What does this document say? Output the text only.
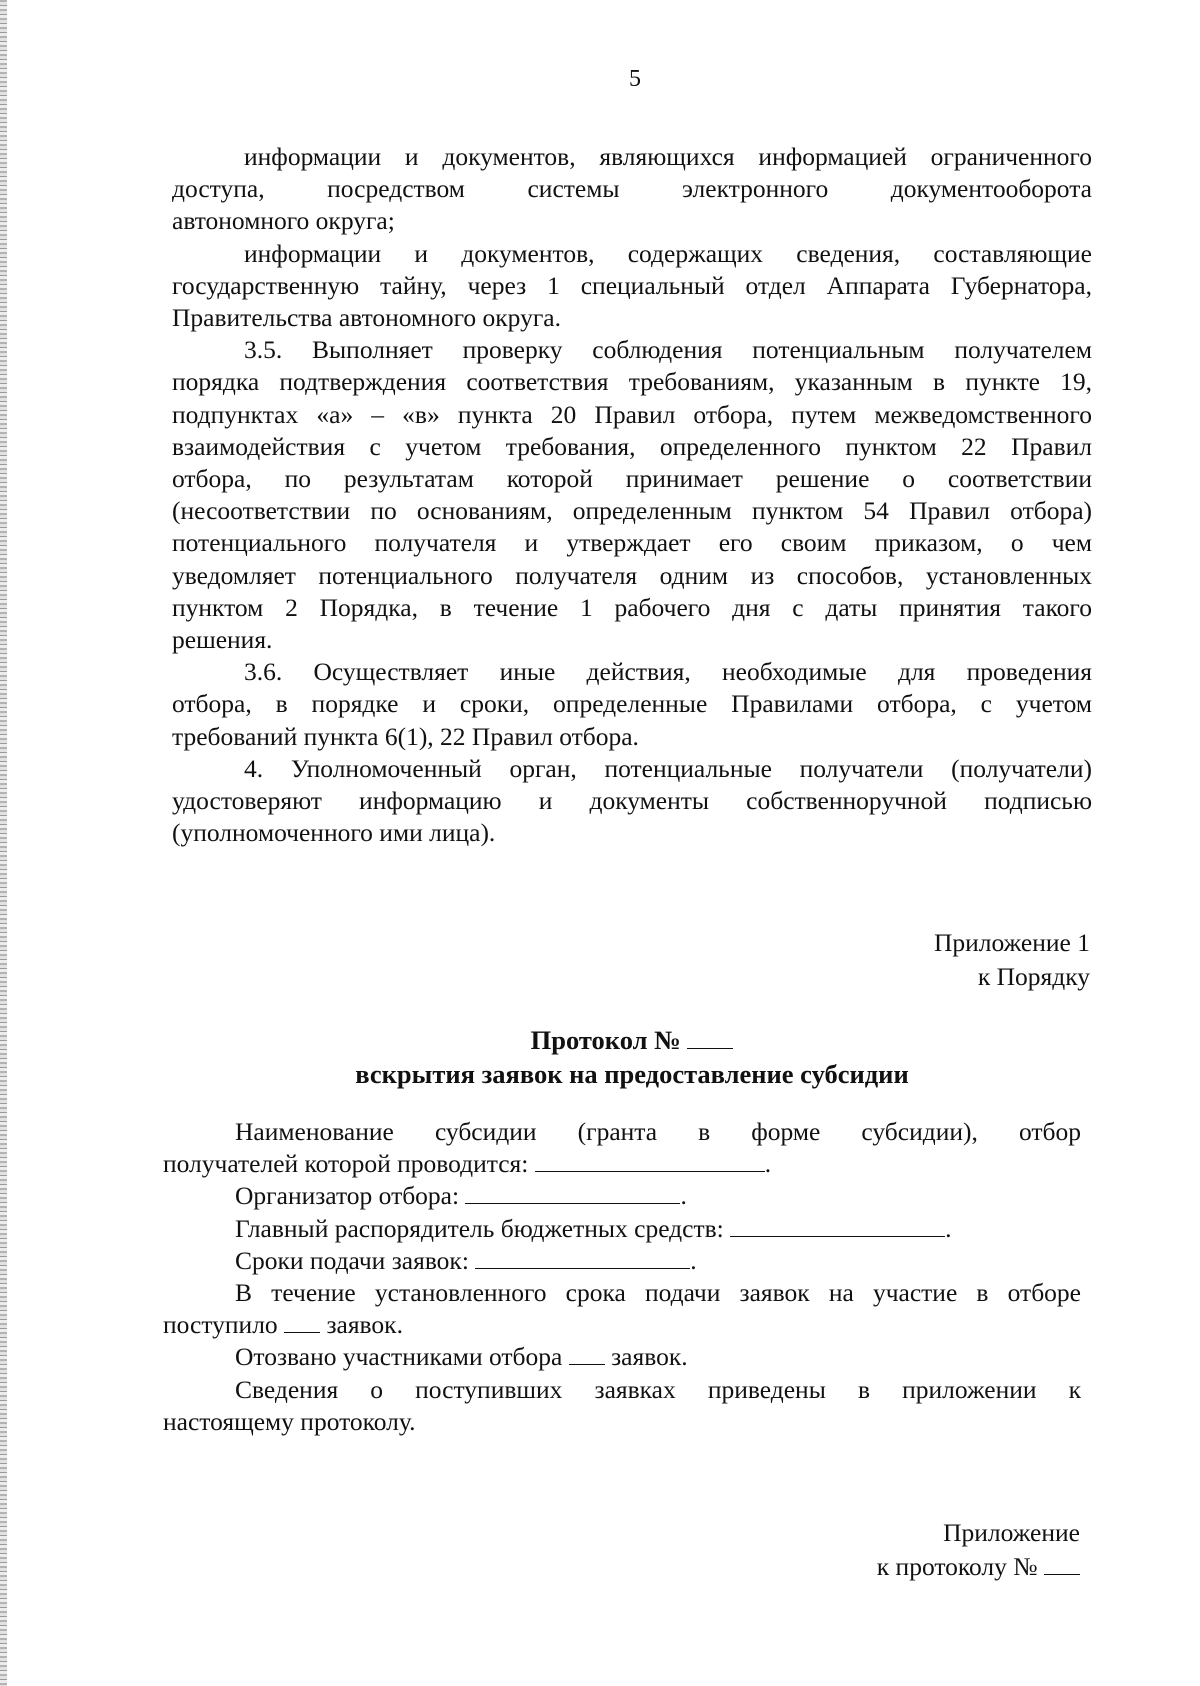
5
информации и документов, являющихся информацией ограниченного
доступа, посредством системы электронного документооборота
автономного округа;
информации и документов, содержащих сведения, составляющие
государственную тайну, через 1 специальный отдел Аппарата Губернатора,
Правительства автономного округа.
3.5. Выполняет проверку соблюдения потенциальным получателем
порядка подтверждения соответствия требованиям, указанным в пункте 19,
подпунктах «а» – «в» пункта 20 Правил отбора, путем межведомственного
взаимодействия с учетом требования, определенного пунктом 22 Правил
отбора, по результатам которой принимает решение о соответствии
(несоответствии по основаниям, определенным пунктом 54 Правил отбора)
потенциального получателя и утверждает его своим приказом, о чем
уведомляет потенциального получателя одним из способов, установленных
пунктом 2 Порядка, в течение 1 рабочего дня с даты принятия такого
решения.
3.6. Осуществляет иные действия, необходимые для проведения
отбора, в порядке и сроки, определенные Правилами отбора, с учетом
требований пункта 6(1), 22 Правил отбора.
4. Уполномоченный орган, потенциальные получатели (получатели)
удостоверяют информацию и документы собственноручной подписью
(уполномоченного ими лица).
Приложение 1
к Порядку
Протокол №
вскрытия заявок на предоставление субсидии
Наименование субсидии (гранта в форме субсидии), отбор
получателей которой проводится:	.
Организатор отбора:	.
Главный распорядитель бюджетных средств:	.
Сроки подачи заявок:	.
В течение установленного срока подачи заявок на участие в отборе
поступило заявок.
Отозвано участниками отбора заявок.
Сведения о поступивших заявках приведены в приложении к
настоящему протоколу.
Приложение
к протоколу №
